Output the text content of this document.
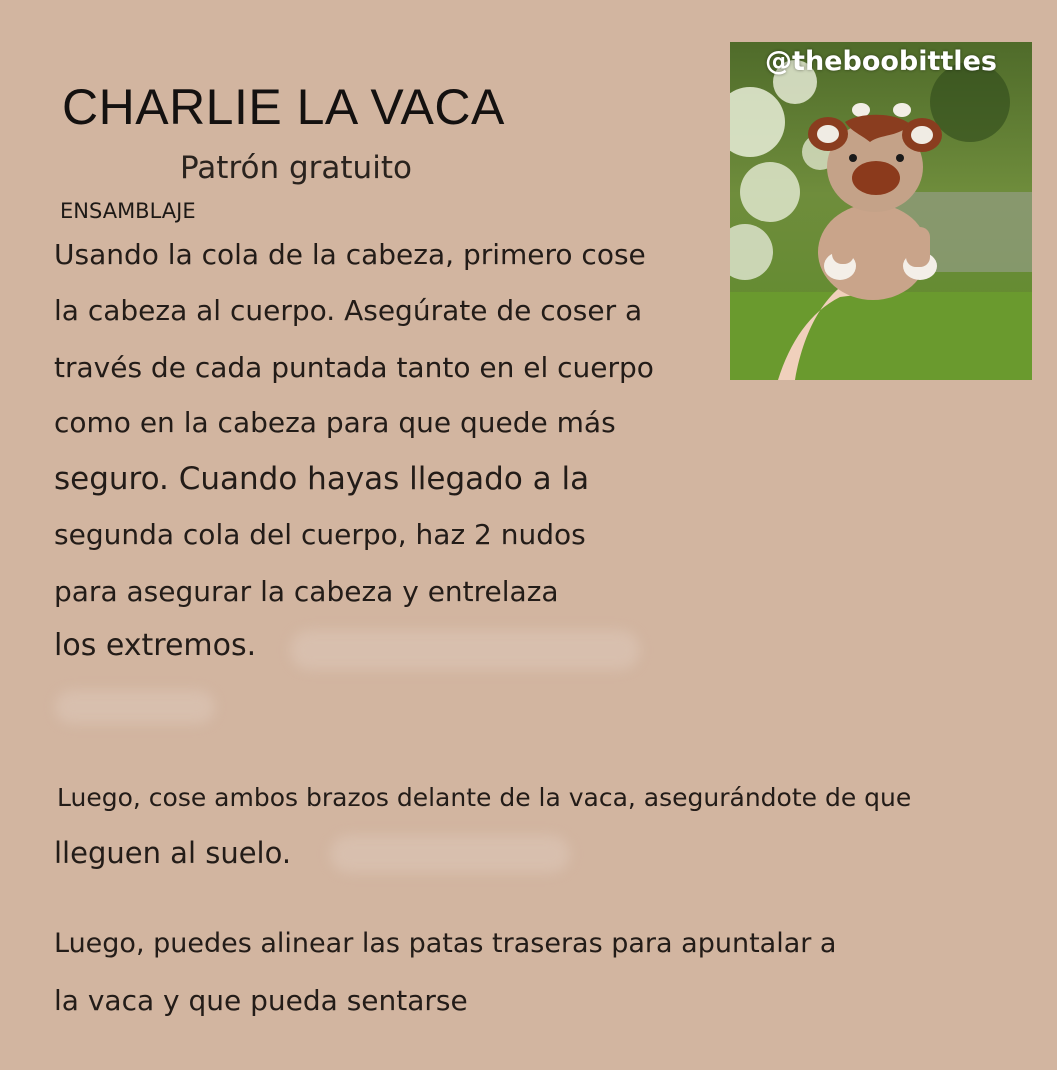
CHARLIE LA VACA
Patrón gratuito
ENSAMBLAJE
@theboobittles
Usando la cola de la cabeza, primero cose
la cabeza al cuerpo. Asegúrate de coser a
través de cada puntada tanto en el cuerpo
como en la cabeza para que quede más
seguro. Cuando hayas llegado a la
segunda cola del cuerpo, haz 2 nudos
para asegurar la cabeza y entrelaza
los extremos.
Luego, cose ambos brazos delante de la vaca, asegurándote de que
lleguen al suelo.
Luego, puedes alinear las patas traseras para apuntalar a
la vaca y que pueda sentarse
